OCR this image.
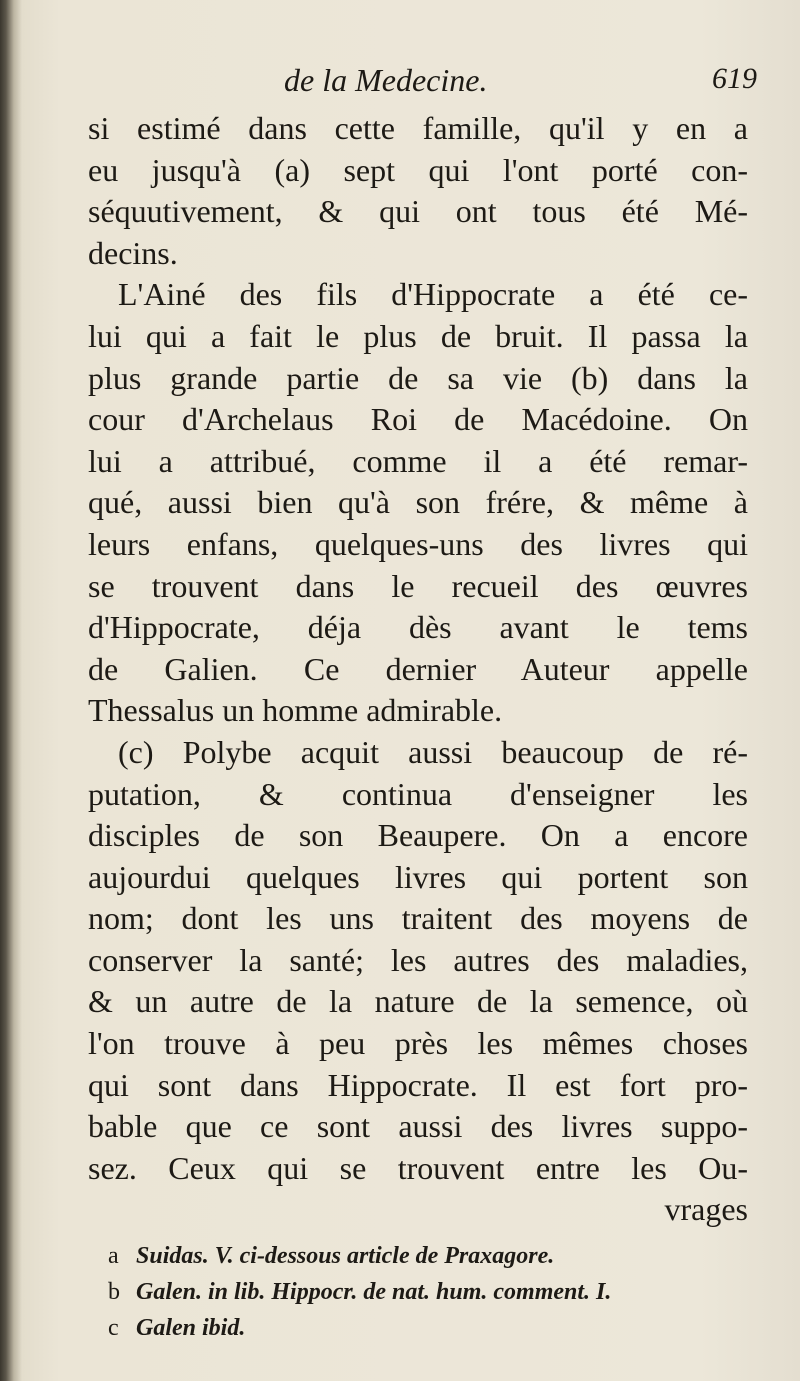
de la Medecine.	619
si estimé dans cette famille, qu'il y en a
eu jusqu'à (a) sept qui l'ont porté con-
séquutivement, & qui ont tous été Mé-
decins.
L'Ainé des fils d'Hippocrate a été ce-
lui qui a fait le plus de bruit. Il passa la
plus grande partie de sa vie (b) dans la
cour d'Archelaus Roi de Macédoine. On
lui a attribué, comme il a été remar-
qué, aussi bien qu'à son frére, & même à
leurs enfans, quelques-uns des livres qui
se trouvent dans le recueil des œuvres
d'Hippocrate, déja dès avant le tems
de Galien. Ce dernier Auteur appelle
Thessalus un homme admirable.
(c) Polybe acquit aussi beaucoup de ré-
putation, & continua d'enseigner les
disciples de son Beaupere. On a encore
aujourdui quelques livres qui portent son
nom; dont les uns traitent des moyens de
conserver la santé; les autres des maladies,
& un autre de la nature de la semence, où
l'on trouve à peu près les mêmes choses
qui sont dans Hippocrate. Il est fort pro-
bable que ce sont aussi des livres suppo-
sez. Ceux qui se trouvent entre les Ou-
vrages
a Suidas. V. ci-dessous article de Praxagore.
b Galen. in lib. Hippocr. de nat. hum. comment. I.
c Galen ibid.
